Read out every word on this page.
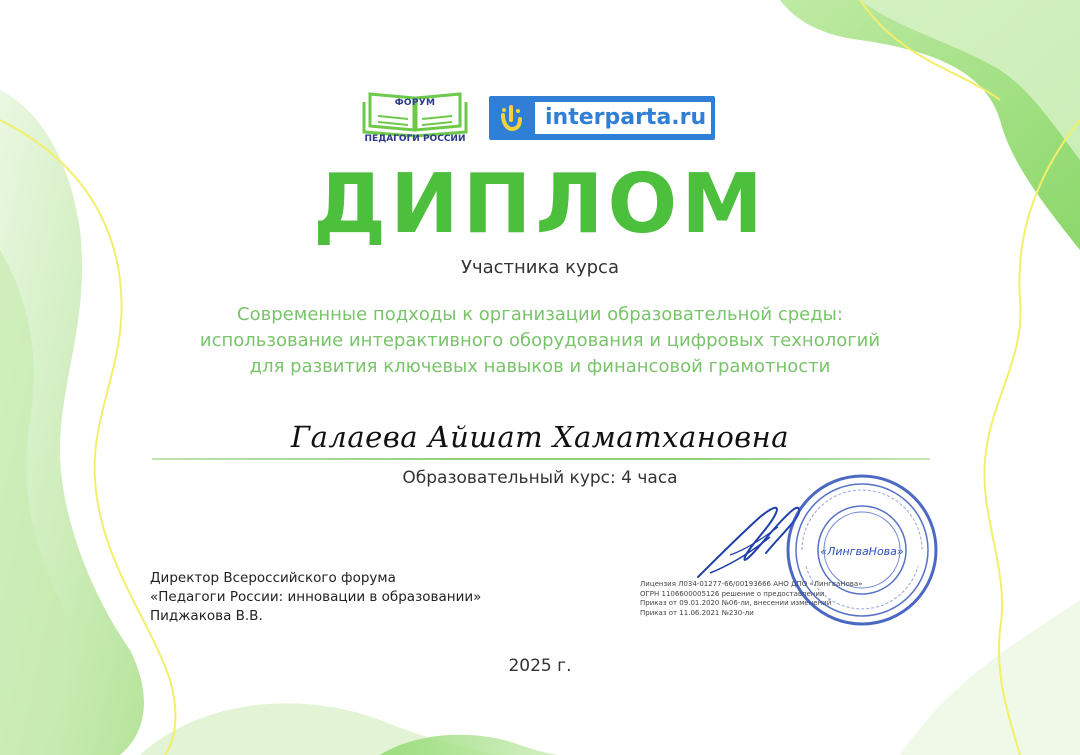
ФОРУМ
ПЕДАГОГИ РОССИИ
interparta.ru
ДИПЛОМ
Участника курса
Современные подходы к организации образовательной среды:
использование интерактивного оборудования и цифровых технологий
для развития ключевых навыков и финансовой грамотности
Галаева Айшат Хаматхановна
Образовательный курс: 4 часа
Директор Всероссийского форума
«Педагоги России: инновации в образовании»
Пиджакова В.В.
Лицензия Л034-01277-66/00193666 АНО ДПО «ЛингваНова»
ОГРН 1106600005126 решение о предоставлении
Приказ от 09.01.2020 №06-ли, внесении изменений
Приказ от 11.06.2021 №230-ли
«ЛингваНова»
2025 г.
